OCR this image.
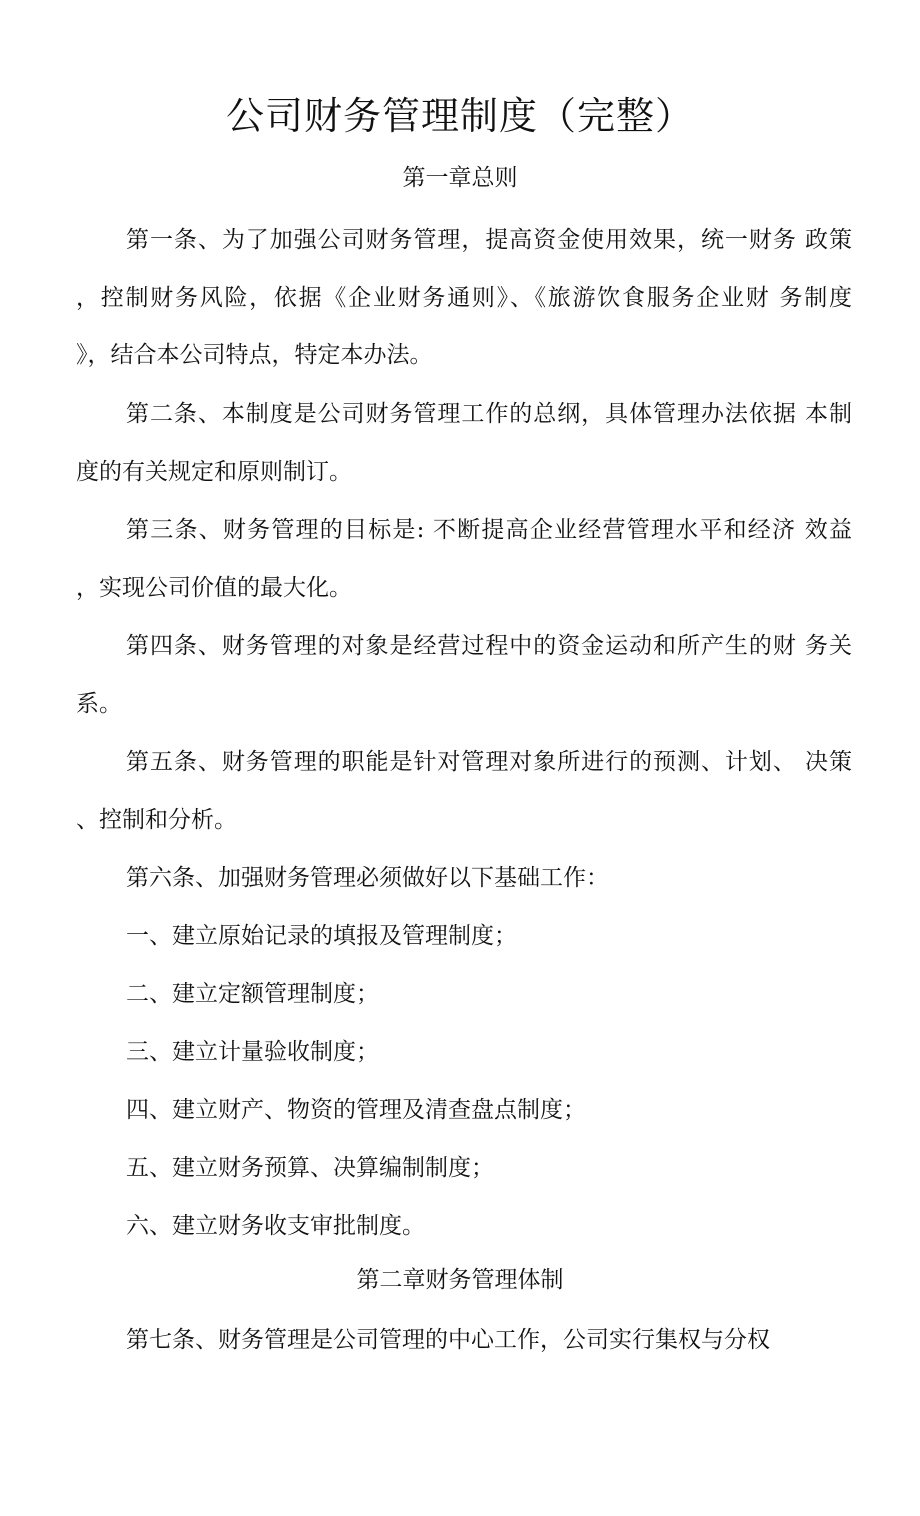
公司财务管理制度（完整）
第一章总则

第一条、为了加强公司财务管理，提高资金使用效果，统一财务 政策

，控制财务风险，依据《企业财务通则》、《旅游饮食服务企业财 务制度

》，结合本公司特点，特定本办法。

第二条、本制度是公司财务管理工作的总纲，具体管理办法依据 本制

度的有关规定和原则制订。

第三条、财务管理的目标是: 不断提高企业经营管理水平和经济 效益

，实现公司价值的最大化。

第四条、财务管理的对象是经营过程中的资金运动和所产生的财 务关

系。

第五条、财务管理的职能是针对管理对象所进行的预测、计划、 决策

、控制和分析。

第六条、加强财务管理必须做好以下基础工作：

一、建立原始记录的填报及管理制度；

二、建立定额管理制度；

三、建立计量验收制度；

四、建立财产、物资的管理及清查盘点制度；

五、建立财务预算、决算编制制度；

六、建立财务收支审批制度。

第二章财务管理体制

第七条、财务管理是公司管理的中心工作，公司实行集权与分权
